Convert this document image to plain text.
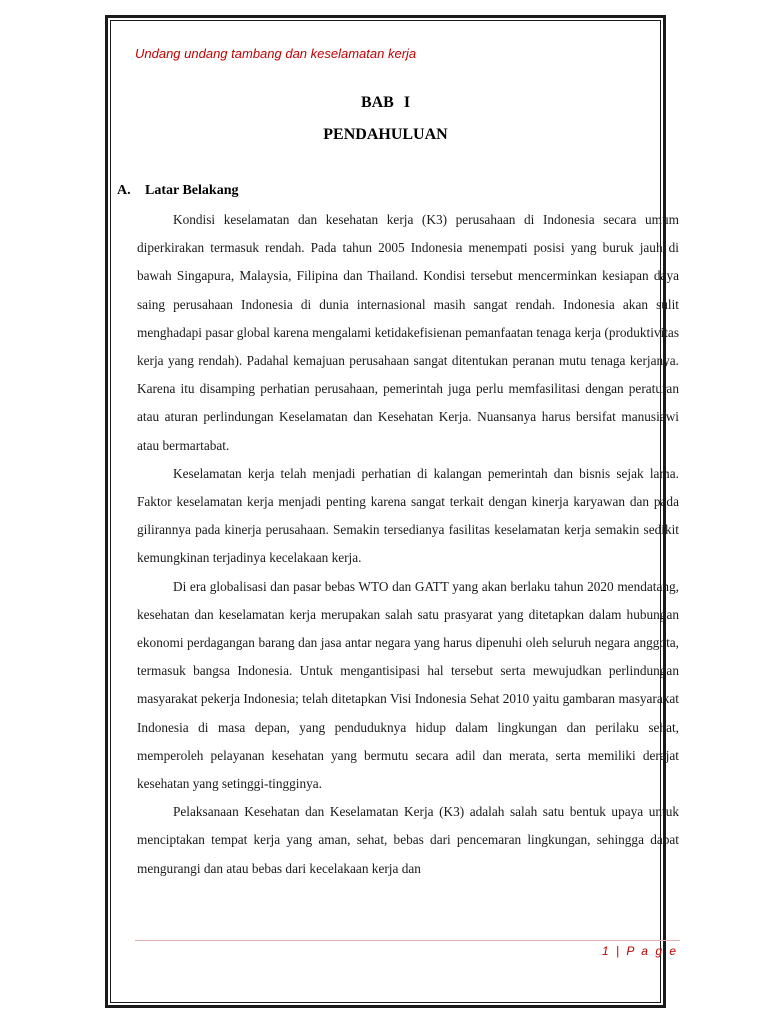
Undang undang tambang dan keselamatan kerja
BAB I
PENDAHULUAN
A. Latar Belakang

Kondisi keselamatan dan kesehatan kerja (K3) perusahaan di Indonesia secara umum diperkirakan termasuk rendah. Pada tahun 2005 Indonesia menempati posisi yang buruk jauh di bawah Singapura, Malaysia, Filipina dan Thailand. Kondisi tersebut mencerminkan kesiapan daya saing perusahaan Indonesia di dunia internasional masih sangat rendah. Indonesia akan sulit menghadapi pasar global karena mengalami ketidakefisienan pemanfaatan tenaga kerja (produktivitas kerja yang rendah). Padahal kemajuan perusahaan sangat ditentukan peranan mutu tenaga kerjanya. Karena itu disamping perhatian perusahaan, pemerintah juga perlu memfasilitasi dengan peraturan atau aturan perlindungan Keselamatan dan Kesehatan Kerja. Nuansanya harus bersifat manusiawi atau bermartabat.

Keselamatan kerja telah menjadi perhatian di kalangan pemerintah dan bisnis sejak lama. Faktor keselamatan kerja menjadi penting karena sangat terkait dengan kinerja karyawan dan pada gilirannya pada kinerja perusahaan. Semakin tersedianya fasilitas keselamatan kerja semakin sedikit kemungkinan terjadinya kecelakaan kerja.

Di era globalisasi dan pasar bebas WTO dan GATT yang akan berlaku tahun 2020 mendatang, kesehatan dan keselamatan kerja merupakan salah satu prasyarat yang ditetapkan dalam hubungan ekonomi perdagangan barang dan jasa antar negara yang harus dipenuhi oleh seluruh negara anggota, termasuk bangsa Indonesia. Untuk mengantisipasi hal tersebut serta mewujudkan perlindungan masyarakat pekerja Indonesia; telah ditetapkan Visi Indonesia Sehat 2010 yaitu gambaran masyarakat Indonesia di masa depan, yang penduduknya hidup dalam lingkungan dan perilaku sehat, memperoleh pelayanan kesehatan yang bermutu secara adil dan merata, serta memiliki derajat kesehatan yang setinggi-tingginya.

Pelaksanaan Kesehatan dan Keselamatan Kerja (K3) adalah salah satu bentuk upaya untuk menciptakan tempat kerja yang aman, sehat, bebas dari pencemaran lingkungan, sehingga dapat mengurangi dan atau bebas dari kecelakaan kerja dan

1 | P a g e
